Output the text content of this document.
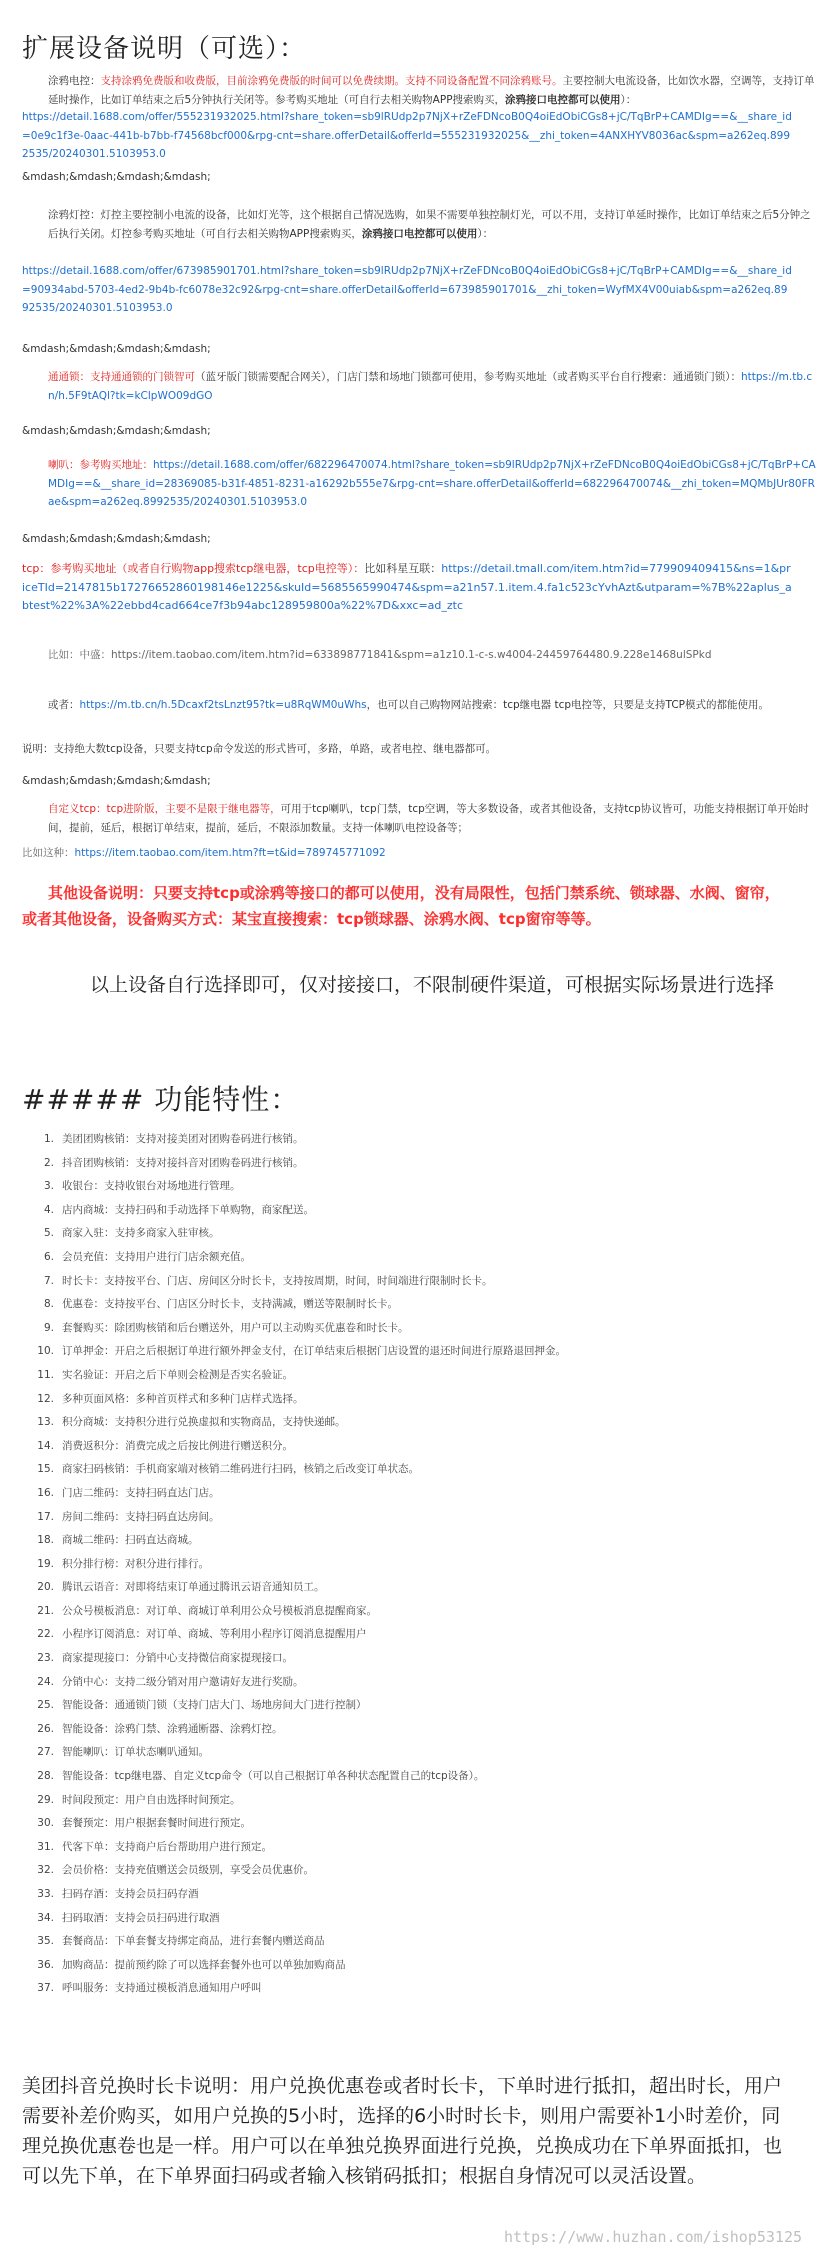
扩展设备说明（可选）：
涂鸦电控：支持涂鸦免费版和收费版，目前涂鸦免费版的时间可以免费续期。支持不同设备配置不同涂鸦账号。主要控制大电流设备，比如饮水器，空调等，支持订单延时操作，比如订单结束之后5分钟执行关闭等。参考购买地址（可自行去相关购物APP搜索购买，涂鸦接口电控都可以使用）：
https://detail.1688.com/offer/555231932025.html?share_token=sb9lRUdp2p7NjX+rZeFDNcoB0Q4oiEdObiCGs8+jC/TqBrP+CAMDIg==&__share_id=0e9c1f3e-0aac-441b-b7bb-f74568bcf000&rpg-cnt=share.offerDetail&offerId=555231932025&__zhi_token=4ANXHYV8036ac&spm=a262eq.8992535/20240301.5103953.0
&mdash;&mdash;&mdash;&mdash;
涂鸦灯控：灯控主要控制小电流的设备，比如灯光等，这个根据自己情况选购，如果不需要单独控制灯光，可以不用，支持订单延时操作，比如订单结束之后5分钟之后执行关闭。灯控参考购买地址（可自行去相关购物APP搜索购买，涂鸦接口电控都可以使用）：
https://detail.1688.com/offer/673985901701.html?share_token=sb9lRUdp2p7NjX+rZeFDNcoB0Q4oiEdObiCGs8+jC/TqBrP+CAMDIg==&__share_id=90934abd-5703-4ed2-9b4b-fc6078e32c92&rpg-cnt=share.offerDetail&offerId=673985901701&__zhi_token=WyfMX4V00uiab&spm=a262eq.8992535/20240301.5103953.0
&mdash;&mdash;&mdash;&mdash;
通通锁：支持通通锁的门锁智可（蓝牙版门锁需要配合网关），门店门禁和场地门锁都可使用，参考购买地址（或者购买平台自行搜索：通通锁门锁）：https://m.tb.cn/h.5F9tAQl?tk=kClpWO09dGO
&mdash;&mdash;&mdash;&mdash;
喇叭：参考购买地址：https://detail.1688.com/offer/682296470074.html?share_token=sb9lRUdp2p7NjX+rZeFDNcoB0Q4oiEdObiCGs8+jC/TqBrP+CAMDIg==&__share_id=28369085-b31f-4851-8231-a16292b555e7&rpg-cnt=share.offerDetail&offerId=682296470074&__zhi_token=MQMbJUr80FRae&spm=a262eq.8992535/20240301.5103953.0
&mdash;&mdash;&mdash;&mdash;
tcp：参考购买地址（或者自行购物app搜索tcp继电器，tcp电控等）：比如科星互联：https://detail.tmall.com/item.htm?id=779909409415&ns=1&priceTId=2147815b17276652860198146e1225&skuId=5685565990474&spm=a21n57.1.item.4.fa1c523cYvhAzt&utparam=%7B%22aplus_abtest%22%3A%22ebbd4cad664ce7f3b94abc128959800a%22%7D&xxc=ad_ztc
比如：中盛：https://item.taobao.com/item.htm?id=633898771841&spm=a1z10.1-c-s.w4004-24459764480.9.228e1468ulSPkd
或者：https://m.tb.cn/h.5Dcaxf2tsLnzt95?tk=u8RqWM0uWhs，也可以自己购物网站搜索：tcp继电器 tcp电控等，只要是支持TCP模式的都能使用。
说明：支持绝大数tcp设备，只要支持tcp命令发送的形式皆可，多路，单路，或者电控、继电器都可。
&mdash;&mdash;&mdash;&mdash;
自定义tcp：tcp进阶版，主要不是限于继电器等，可用于tcp喇叭，tcp门禁，tcp空调，等大多数设备，或者其他设备，支持tcp协议皆可，功能支持根据订单开始时间，提前，延后，根据订单结束，提前，延后，不限添加数量。支持一体喇叭电控设备等；
比如这种：https://item.taobao.com/item.htm?ft=t&id=789745771092
其他设备说明：只要支持tcp或涂鸦等接口的都可以使用，没有局限性，包括门禁系统、锁球器、水阀、窗帘，或者其他设备，设备购买方式：某宝直接搜索：tcp锁球器、涂鸦水阀、tcp窗帘等等。
以上设备自行选择即可，仅对接接口，不限制硬件渠道，可根据实际场景进行选择
##### 功能特性：
1. 美团团购核销：支持对接美团对团购卷码进行核销。
2. 抖音团购核销：支持对接抖音对团购卷码进行核销。
3. 收银台：支持收银台对场地进行管理。
4. 店内商城：支持扫码和手动选择下单购物，商家配送。
5. 商家入驻：支持多商家入驻审核。
6. 会员充值：支持用户进行门店余额充值。
7. 时长卡：支持按平台、门店、房间区分时长卡，支持按周期，时间，时间端进行限制时长卡。
8. 优惠卷：支持按平台、门店区分时长卡，支持满减，赠送等限制时长卡。
9. 套餐购买：除团购核销和后台赠送外，用户可以主动购买优惠卷和时长卡。
10. 订单押金：开启之后根据订单进行额外押金支付，在订单结束后根据门店设置的退还时间进行原路退回押金。
11. 实名验证：开启之后下单则会检测是否实名验证。
12. 多种页面风格：多种首页样式和多种门店样式选择。
13. 积分商城：支持积分进行兑换虚拟和实物商品，支持快递邮。
14. 消费返积分：消费完成之后按比例进行赠送积分。
15. 商家扫码核销：手机商家端对核销二维码进行扫码，核销之后改变订单状态。
16. 门店二维码：支持扫码直达门店。
17. 房间二维码：支持扫码直达房间。
18. 商城二维码：扫码直达商城。
19. 积分排行榜：对积分进行排行。
20. 腾讯云语音：对即将结束订单通过腾讯云语音通知员工。
21. 公众号模板消息：对订单、商城订单利用公众号模板消息提醒商家。
22. 小程序订阅消息：对订单、商城、等利用小程序订阅消息提醒用户
23. 商家提现接口：分销中心支持微信商家提现接口。
24. 分销中心：支持二级分销对用户邀请好友进行奖励。
25. 智能设备：通通锁门锁（支持门店大门、场地房间大门进行控制）
26. 智能设备：涂鸦门禁、涂鸦通断器、涂鸦灯控。
27. 智能喇叭：订单状态喇叭通知。
28. 智能设备：tcp继电器、自定义tcp命令（可以自己根据订单各种状态配置自己的tcp设备）。
29. 时间段预定：用户自由选择时间预定。
30. 套餐预定：用户根据套餐时间进行预定。
31. 代客下单：支持商户后台帮助用户进行预定。
32. 会员价格：支持充值赠送会员级别，享受会员优惠价。
33. 扫码存酒：支持会员扫码存酒
34. 扫码取酒：支持会员扫码进行取酒
35. 套餐商品：下单套餐支持绑定商品，进行套餐内赠送商品
36. 加购商品：提前预约除了可以选择套餐外也可以单独加购商品
37. 呼叫服务：支持通过模板消息通知用户呼叫
美团抖音兑换时长卡说明：用户兑换优惠卷或者时长卡，下单时进行抵扣，超出时长，用户需要补差价购买，如用户兑换的5小时，选择的6小时时长卡，则用户需要补1小时差价，同理兑换优惠卷也是一样。用户可以在单独兑换界面进行兑换，兑换成功在下单界面抵扣，也可以先下单，在下单界面扫码或者输入核销码抵扣；根据自身情况可以灵活设置。
https://www.huzhan.com/ishop53125
